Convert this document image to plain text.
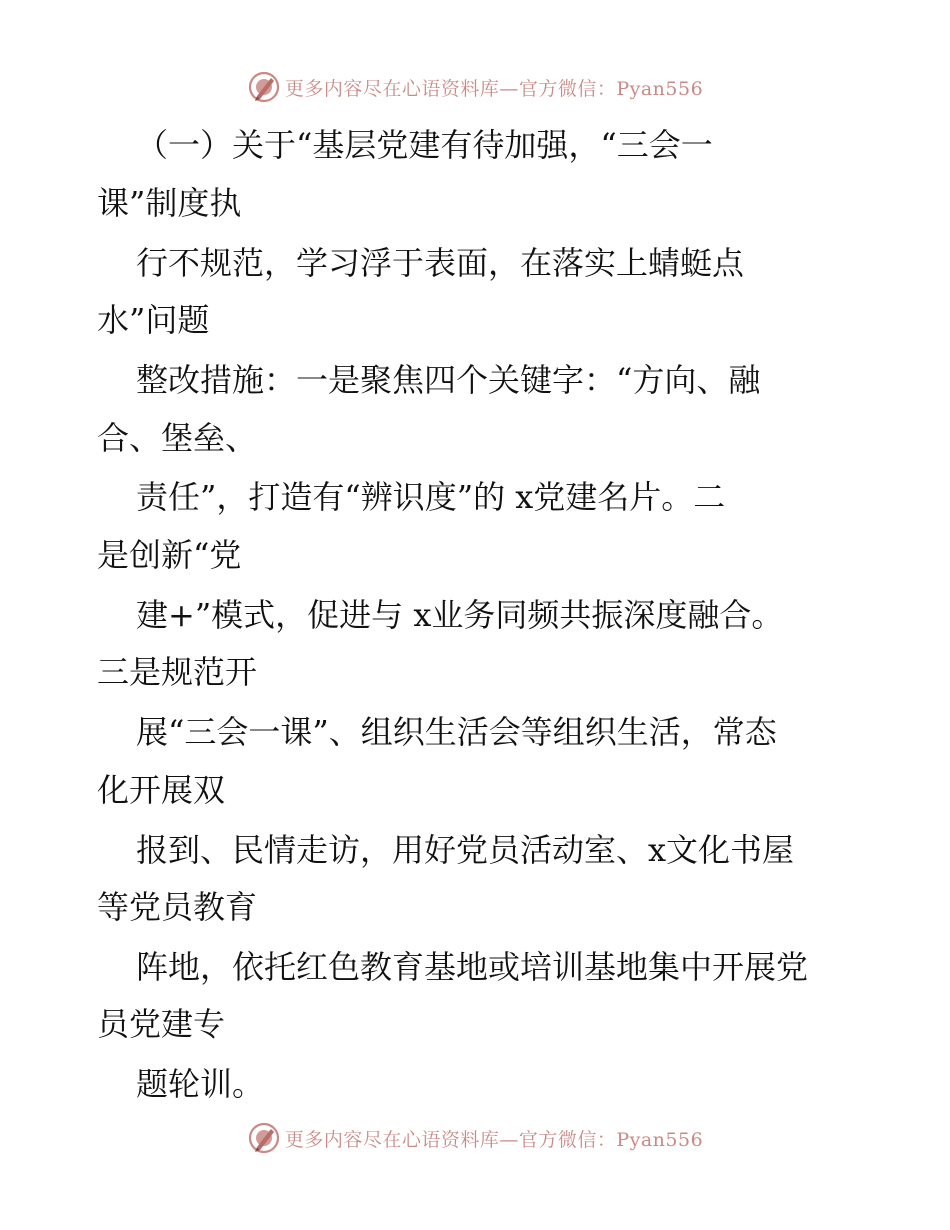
更多内容尽在心语资料库—官方微信：Pyan556
（一）关于“基层党建有待加强，“三会一
课”制度执
行不规范，学习浮于表面，在落实上蜻蜓点
水”问题
整改措施：一是聚焦四个关键字：“方向、融
合、堡垒、
责任”，打造有“辨识度”的 x党建名片。二
是创新“党
建+”模式，促进与 x业务同频共振深度融合。
三是规范开
展“三会一课”、组织生活会等组织生活，常态
化开展双
报到、民情走访，用好党员活动室、x文化书屋
等党员教育
阵地，依托红色教育基地或培训基地集中开展党
员党建专
题轮训。
更多内容尽在心语资料库—官方微信：Pyan556
